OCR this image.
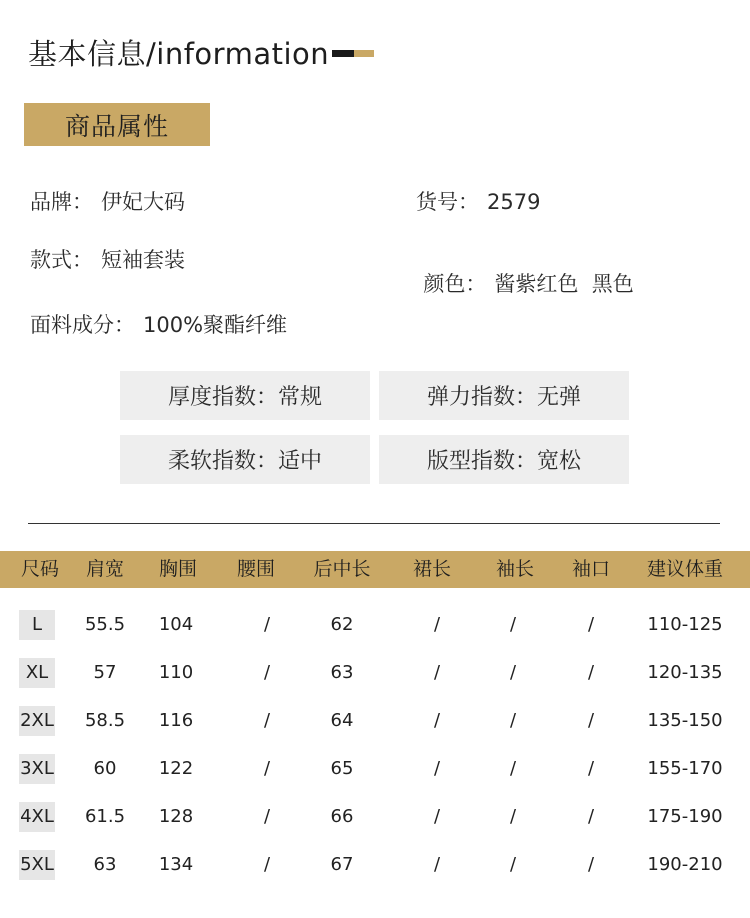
基本信息/information
商品属性
品牌： 伊妃大码	货号： 2579
款式： 短袖套装

颜色： 酱紫红色  黑色

面料成分： 100%聚酯纤维
厚度指数 ： 常规	弹力指数 ： 无弹
柔软指数 ： 适中	版型指数 ： 宽松
尺码 肩宽 胸围 腰围 后中长 裙长 袖长 袖口 建议体重
L	55.5 104	/	62	/	/	/	110-125
XL	57 110	/	63	/	/	/	120-135
2XL 58.5 116	/	64	/	/	/	135-150
3XL 60 122	/	65	/	/	/	155-170
4XL 61.5 128	/	66	/	/	/	175-190
5XL 63 134	/	67	/	/	/	190-210
